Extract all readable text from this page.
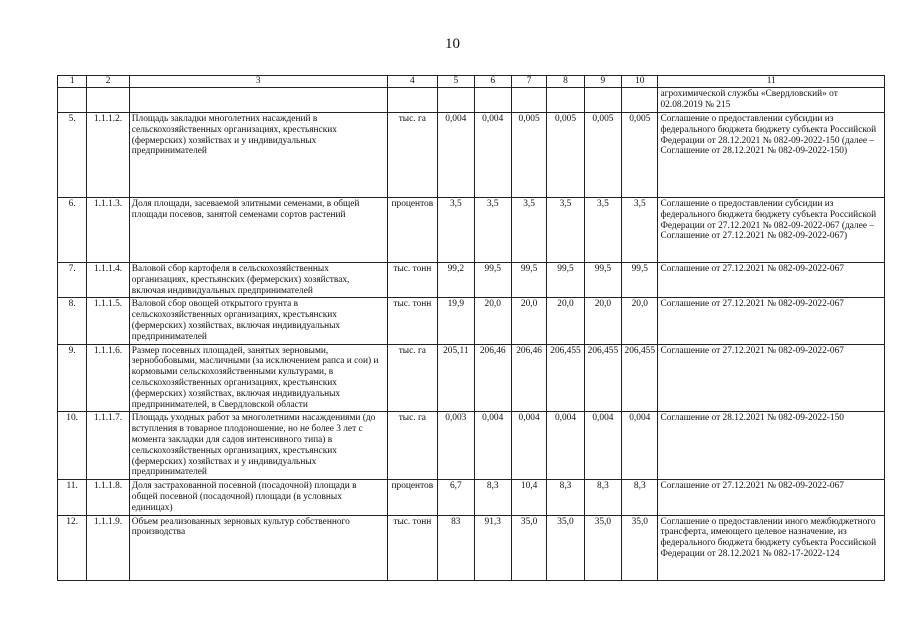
10
1	2	3	4	5	6	7	8	9	10	11
										агрохимической службы «Свердловский» от 02.08.2019 № 215
5.	1.1.1.2.	Площадь закладки многолетних насаждений в сельскохозяйственных организациях, крестьянских (фермерских) хозяйствах и у индивидуальных предпринимателей	тыс. га	0,004	0,004	0,005	0,005	0,005	0,005	Соглашение о предоставлении субсидии из федерального бюджета бюджету субъекта Российской Федерации от 28.12.2021 № 082-09-2022-150 (далее – Соглашение от 28.12.2021 № 082-09-2022-150)
6.	1.1.1.3.	Доля площади, засеваемой элитными семенами, в общей площади посевов, занятой семенами сортов растений	процентов	3,5	3,5	3,5	3,5	3,5	3,5	Соглашение о предоставлении субсидии из федерального бюджета бюджету субъекта Российской Федерации от 27.12.2021 № 082-09-2022-067 (далее – Соглашение от 27.12.2021 № 082-09-2022-067)
7.	1.1.1.4.	Валовой сбор картофеля в сельскохозяйственных организациях, крестьянских (фермерских) хозяйствах, включая индивидуальных предпринимателей	тыс. тонн	99,2	99,5	99,5	99,5	99,5	99,5	Соглашение от 27.12.2021 № 082-09-2022-067
8.	1.1.1.5.	Валовой сбор овощей открытого грунта в сельскохозяйственных организациях, крестьянских (фермерских) хозяйствах, включая индивидуальных предпринимателей	тыс. тонн	19,9	20,0	20,0	20,0	20,0	20,0	Соглашение от 27.12.2021 № 082-09-2022-067
9.	1.1.1.6.	Размер посевных площадей, занятых зерновыми, зернобобовыми, масличными (за исключением рапса и сои) и кормовыми сельскохозяйственными культурами, в сельскохозяйственных организациях, крестьянских (фермерских) хозяйствах, включая индивидуальных предпринимателей, в Свердловской области	тыс. га	205,11	206,46	206,46	206,455	206,455	206,455	Соглашение от 27.12.2021 № 082-09-2022-067
10.	1.1.1.7.	Площадь уходных работ за многолетними насаждениями (до вступления в товарное плодоношение, но не более 3 лет с момента закладки для садов интенсивного типа) в сельскохозяйственных организациях, крестьянских (фермерских) хозяйствах и у индивидуальных предпринимателей	тыс. га	0,003	0,004	0,004	0,004	0,004	0,004	Соглашение от 28.12.2021 № 082-09-2022-150
11.	1.1.1.8.	Доля застрахованной посевной (посадочной) площади в общей посевной (посадочной) площади (в условных единицах)	процентов	6,7	8,3	10,4	8,3	8,3	8,3	Соглашение от 27.12.2021 № 082-09-2022-067
12.	1.1.1.9.	Объем реализованных зерновых культур собственного производства	тыс. тонн	83	91,3	35,0	35,0	35,0	35,0	Соглашение о предоставлении иного межбюджетного трансферта, имеющего целевое назначение, из федерального бюджета бюджету субъекта Российской Федерации от 28.12.2021 № 082-17-2022-124
